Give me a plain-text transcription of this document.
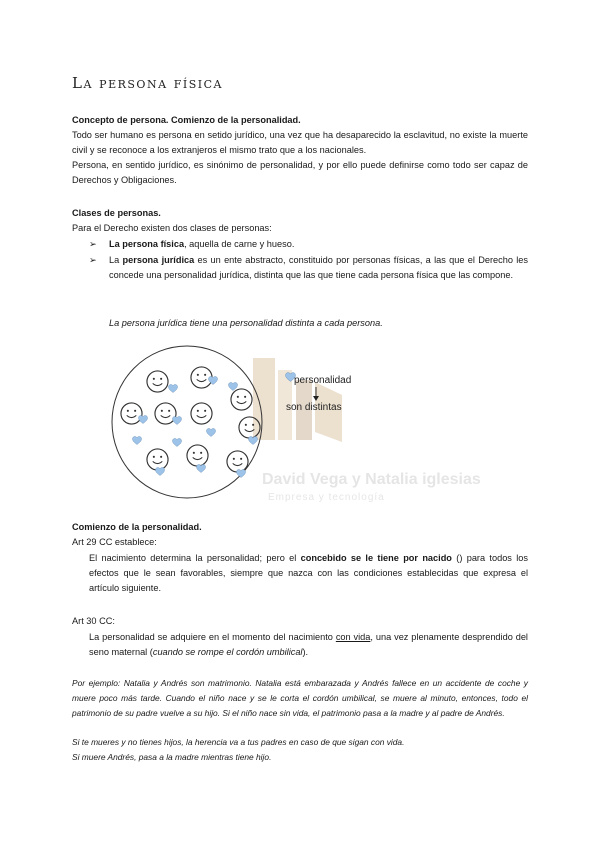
La persona física

Concepto de persona. Comienzo de la personalidad.

Todo ser humano es persona en setido jurídico, una vez que ha desaparecido la esclavitud, no existe la muerte civil y se reconoce a los extranjeros el mismo trato que a los nacionales.

Persona, en sentido jurídico, es sinónimo de personalidad, y por ello puede definirse como todo ser capaz de Derechos y Obligaciones.

Clases de personas.

Para el Derecho existen dos clases de personas:

➢ La persona física, aquella de carne y hueso.

➢ La persona jurídica es un ente abstracto, constituido por personas físicas, a las que el Derecho les concede una personalidad jurídica, distinta que las que tiene cada persona física que las compone.

La persona jurídica tiene una personalidad distinta a cada persona.

David Vega y Natalia iglesias
Empresa y tecnología
personalidad
son distintas

Comienzo de la personalidad.

Art 29 CC establece:

El nacimiento determina la personalidad; pero el concebido se le tiene por nacido () para todos los efectos que le sean favorables, siempre que nazca con las condiciones establecidas que expresa el artículo siguiente.

Art 30 CC:

La personalidad se adquiere en el momento del nacimiento con vida, una vez plenamente desprendido del seno maternal (cuando se rompe el cordón umbilical).

Por ejemplo: Natalia y Andrés son matrimonio. Natalia está embarazada y Andrés fallece en un accidente de coche y muere poco más tarde. Cuando el niño nace y se le corta el cordón umbilical, se muere al minuto, entonces, todo el patrimonio de su padre vuelve a su hijo. Si el niño nace sin vida, el patrimonio pasa a la madre y al padre de Andrés.

Si te mueres y no tienes hijos, la herencia va a tus padres en caso de que sigan con vida.

Si muere Andrés, pasa a la madre mientras tiene hijo.
